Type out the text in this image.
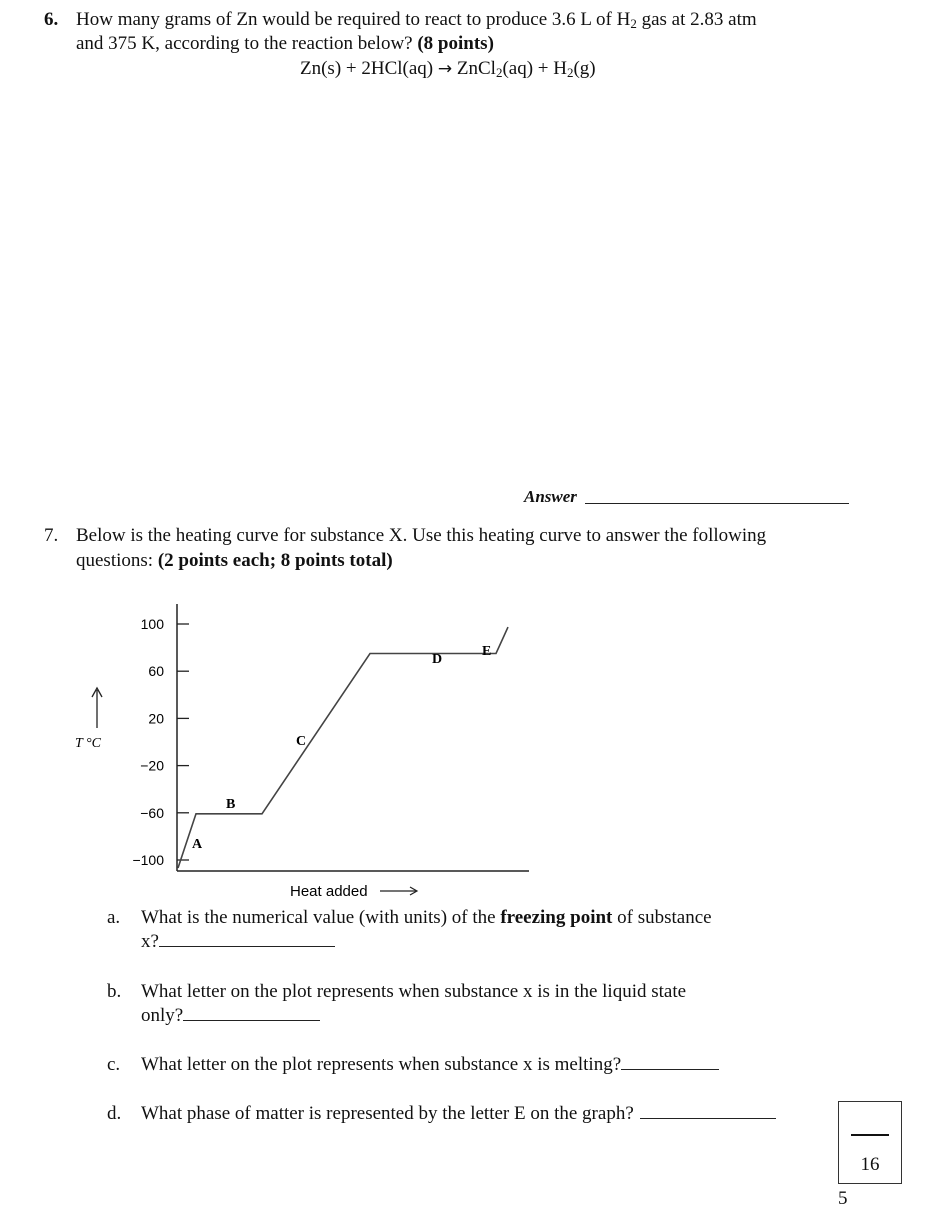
6. How many grams of Zn would be required to react to produce 3.6 L of $H_2$ gas at 2.83 atm
and 375 K, according to the reaction below? (8 points)
Zn(s) + 2HCl(aq) → ZnCl$_2$(aq) + $H_2(g)$
Answer
7. Below is the heating curve for substance X. Use this heating curve to answer the following
questions: (2 points each; 8 points total)
100
60
20
−20
−60
−100
T °C
A
B
C
D
E
Heat added
a. What is the numerical value (with units) of the freezing point of substance
x?
b. What letter on the plot represents when substance x is in the liquid state
only?
c. What letter on the plot represents when substance x is melting?
d. What phase of matter is represented by the letter E on the graph?
16
5
